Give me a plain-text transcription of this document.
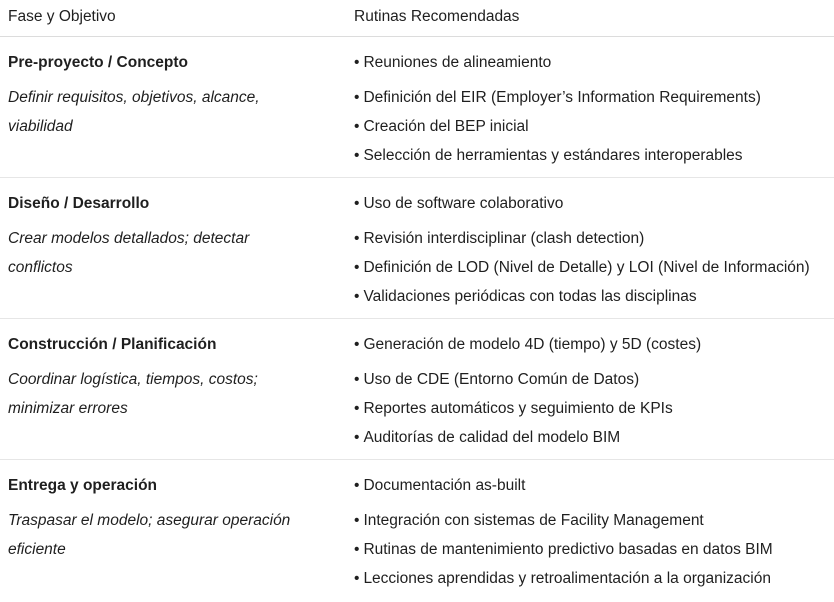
Fase y Objetivo	Rutinas Recomendadas
Pre-proyecto / Concepto
Definir requisitos, objetivos, alcance, viabilidad
• Reuniones de alineamiento
• Definición del EIR (Employer’s Information Requirements)
• Creación del BEP inicial
• Selección de herramientas y estándares interoperables
Diseño / Desarrollo
Crear modelos detallados; detectar conflictos
• Uso de software colaborativo
• Revisión interdisciplinar (clash detection)
• Definición de LOD (Nivel de Detalle) y LOI (Nivel de Información)
• Validaciones periódicas con todas las disciplinas
Construcción / Planificación
Coordinar logística, tiempos, costos; minimizar errores
• Generación de modelo 4D (tiempo) y 5D (costes)
• Uso de CDE (Entorno Común de Datos)
• Reportes automáticos y seguimiento de KPIs
• Auditorías de calidad del modelo BIM
Entrega y operación
Traspasar el modelo; asegurar operación eficiente
• Documentación as-built
• Integración con sistemas de Facility Management
• Rutinas de mantenimiento predictivo basadas en datos BIM
• Lecciones aprendidas y retroalimentación a la organización
